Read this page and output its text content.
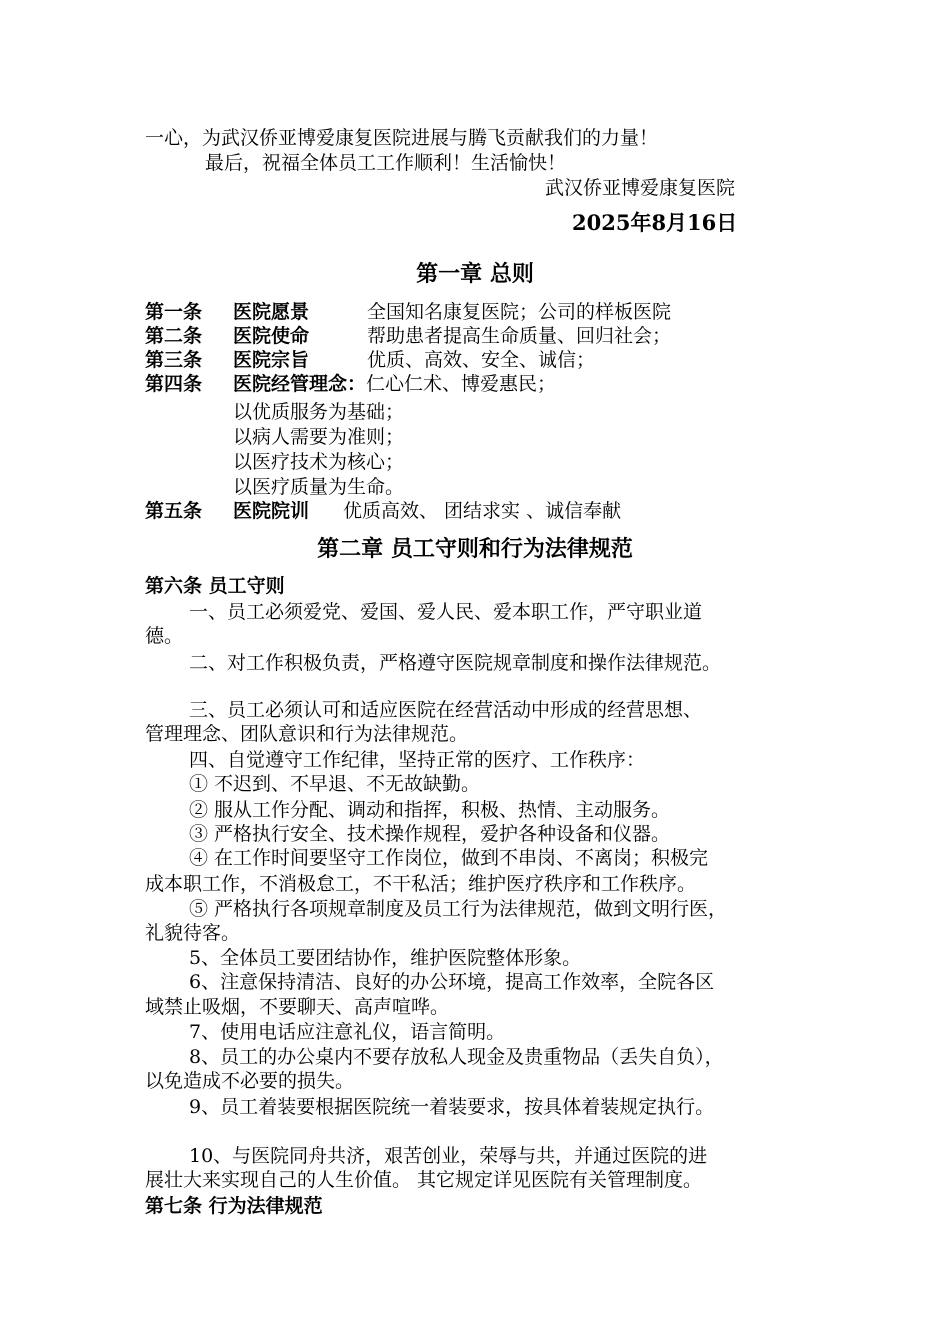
一心，为武汉侨亚博爱康复医院进展与腾飞贡献我们的力量！
最后，祝福全体员工工作顺利！生活愉快！
武汉侨亚博爱康复医院
2025年8月16日
第一章 总则
第一条 医院愿景	全国知名康复医院；公司的样板医院
第二条 医院使命	帮助患者提高生命质量、回归社会；
第三条 医院宗旨	优质、高效、安全、诚信；
第四条 医院经管理念：仁心仁术、博爱惠民；
以优质服务为基础；
以病人需要为准则；
以医疗技术为核心；
以医疗质量为生命。
第五条 医院院训 优质高效、 团结求实 、诚信奉献
第二章 员工守则和行为法律规范
第六条 员工守则
一、员工必须爱党、爱国、爱人民、爱本职工作，严守职业道
德。
二、对工作积极负责，严格遵守医院规章制度和操作法律规范。
三、员工必须认可和适应医院在经营活动中形成的经营思想、
管理理念、团队意识和行为法律规范。
四、自觉遵守工作纪律，坚持正常的医疗、工作秩序：
① 不迟到、不早退、不无故缺勤。
② 服从工作分配、调动和指挥，积极、热情、主动服务。
③ 严格执行安全、技术操作规程，爱护各种设备和仪器。
④ 在工作时间要坚守工作岗位，做到不串岗、不离岗；积极完
成本职工作，不消极怠工，不干私活；维护医疗秩序和工作秩序。
⑤ 严格执行各项规章制度及员工行为法律规范，做到文明行医，
礼貌待客。
5、全体员工要团结协作，维护医院整体形象。
6、注意保持清洁、良好的办公环境，提高工作效率，全院各区
域禁止吸烟，不要聊天、高声喧哗。
7、使用电话应注意礼仪，语言简明。
8、员工的办公桌内不要存放私人现金及贵重物品（丢失自负），
以免造成不必要的损失。
9、员工着装要根据医院统一着装要求，按具体着装规定执行。
10、与医院同舟共济，艰苦创业，荣辱与共，并通过医院的进
展壮大来实现自己的人生价值。 其它规定详见医院有关管理制度。
第七条 行为法律规范
